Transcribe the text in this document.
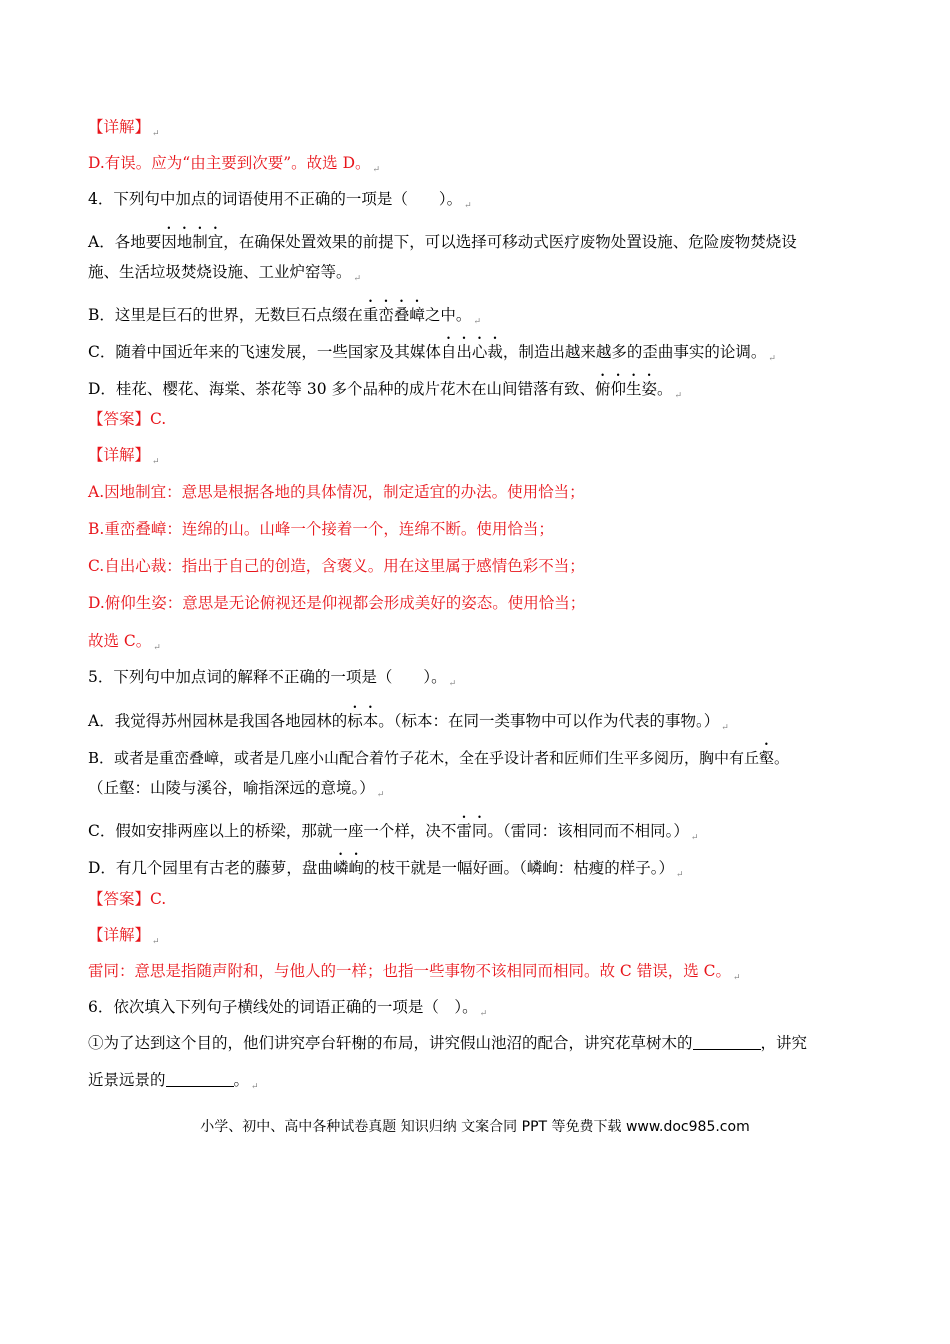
【详解】 $_↵$
D.有误。应为“由主要到次要”。故选 D。 $_↵$
4．下列句中加点的词语使用不正确的一项是（　　）。 $_↵$
A．各地要因地制宜，在确保处置效果的前提下，可以选择可移动式医疗废物处置设施、危险废物焚烧设
施、生活垃圾焚烧设施、工业炉窑等。 $_↵$
B．这里是巨石的世界，无数巨石点缀在重峦叠嶂之中。 $_↵$
C．随着中国近年来的飞速发展，一些国家及其媒体自出心裁，制造出越来越多的歪曲事实的论调。 $_↵$
D．桂花、樱花、海棠、茶花等 30 多个品种的成片花木在山间错落有致、俯仰生姿。 $_↵$
【答案】C.
【详解】 $_↵$
A.因地制宜：意思是根据各地的具体情况，制定适宜的办法。使用恰当；
B.重峦叠嶂：连绵的山。山峰一个接着一个，连绵不断。使用恰当；
C.自出心裁：指出于自己的创造，含褒义。用在这里属于感情色彩不当；
D.俯仰生姿：意思是无论俯视还是仰视都会形成美好的姿态。使用恰当；
故选 C。 $_↵$
5．下列句中加点词的解释不正确的一项是（　　）。 $_↵$
A．我觉得苏州园林是我国各地园林的标本。（标本：在同一类事物中可以作为代表的事物。） $_↵$
B．或者是重峦叠嶂，或者是几座小山配合着竹子花木，全在乎设计者和匠师们生平多阅历，胸中有丘壑。
（丘壑：山陵与溪谷，喻指深远的意境。） $_↵$
C．假如安排两座以上的桥梁，那就一座一个样，决不雷同。（雷同：该相同而不相同。） $_↵$
D．有几个园里有古老的藤萝，盘曲嶙峋的枝干就是一幅好画。（嶙峋：枯瘦的样子。） $_↵$
【答案】C.
【详解】 $_↵$
雷同：意思是指随声附和，与他人的一样；也指一些事物不该相同而相同。故 C 错误，选 C。 $_↵$
6．依次填入下列句子横线处的词语正确的一项是（　）。 $_↵$
①为了达到这个目的，他们讲究亭台轩榭的布局，讲究假山池沼的配合，讲究花草树木的	，讲究
近景远景的	。 $_↵$
小学、初中、高中各种试卷真题 知识归纳 文案合同 PPT 等免费下载 www.doc985.com
